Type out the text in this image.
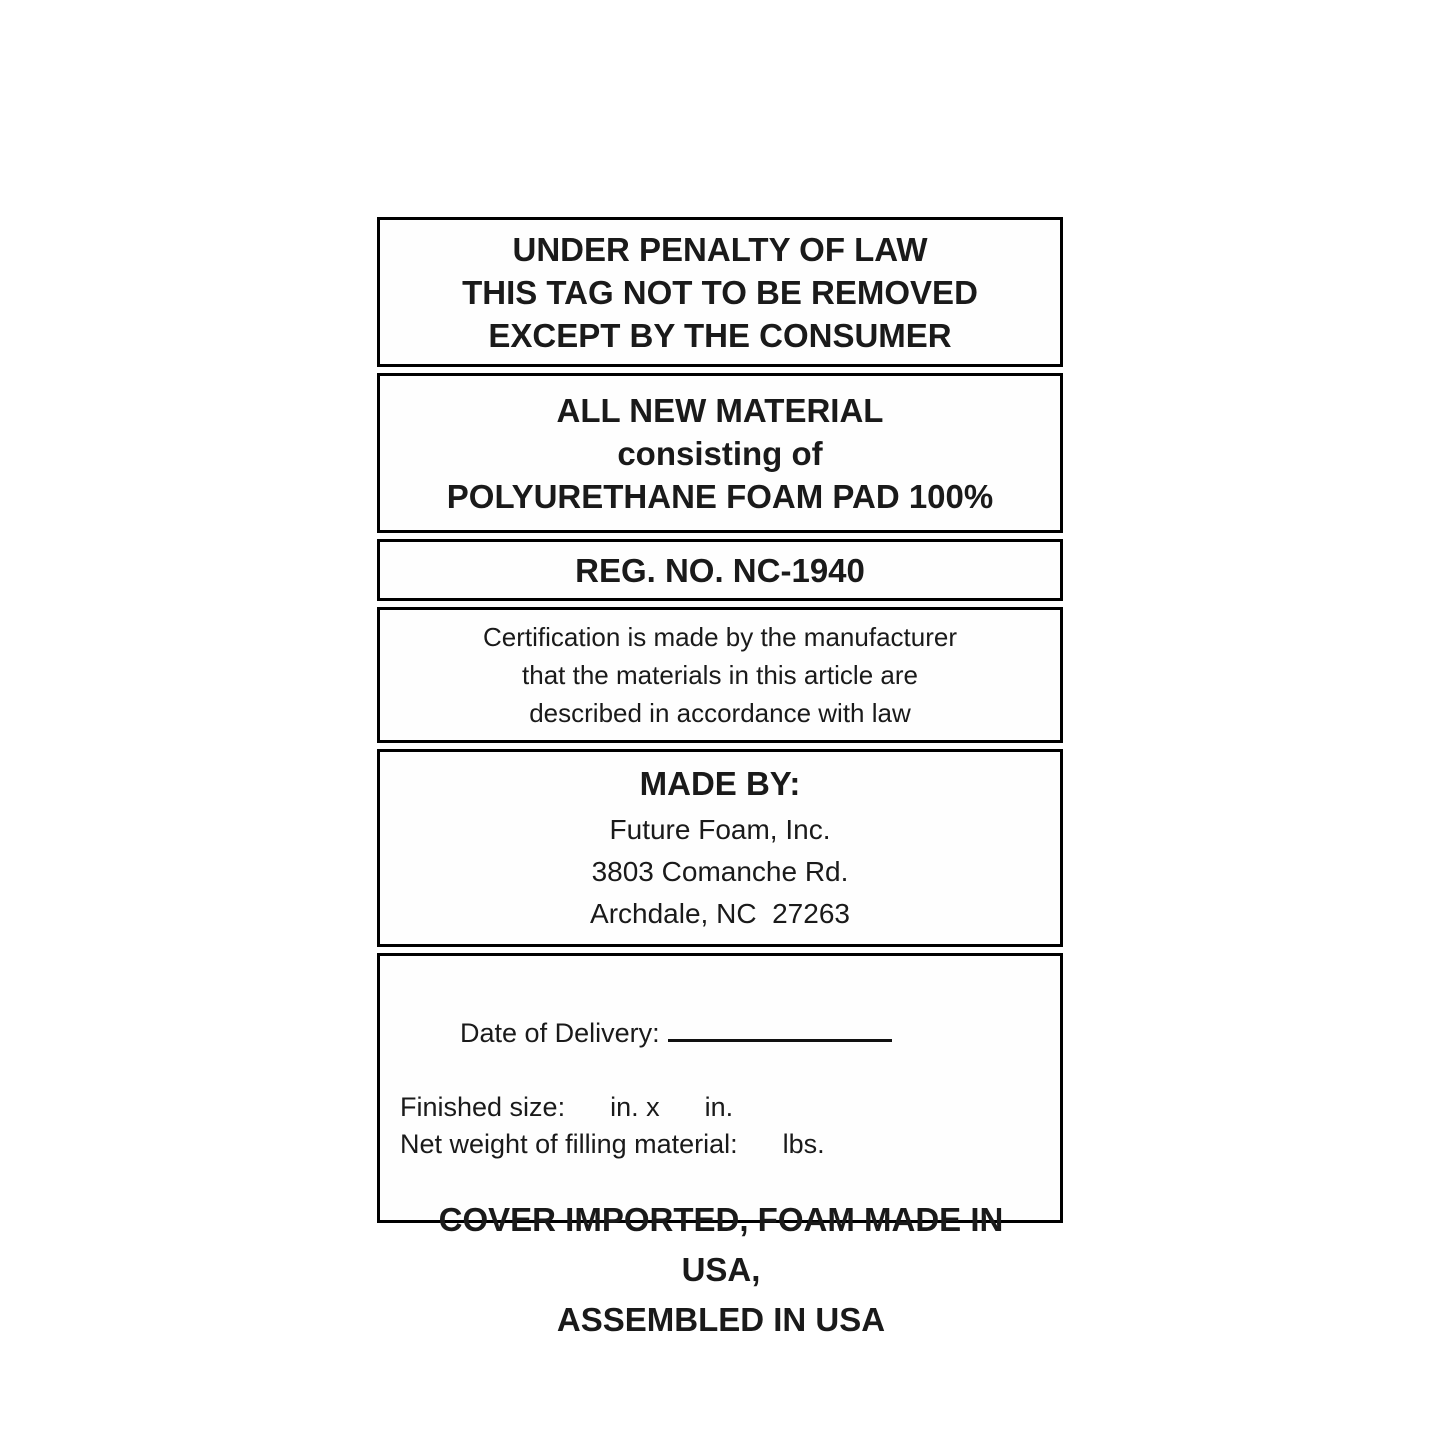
UNDER PENALTY OF LAW
THIS TAG NOT TO BE REMOVED
EXCEPT BY THE CONSUMER
ALL NEW MATERIAL
consisting of
POLYURETHANE FOAM PAD 100%
REG. NO. NC-1940
Certification is made by the manufacturer
that the materials in this article are
described in accordance with law
MADE BY:
Future Foam, Inc.
3803 Comanche Rd.
Archdale, NC  27263

Date of Delivery:

Finished size:      in. x      in.
Net weight of filling material:      lbs.
COVER IMPORTED, FOAM MADE IN USA,
ASSEMBLED IN USA
